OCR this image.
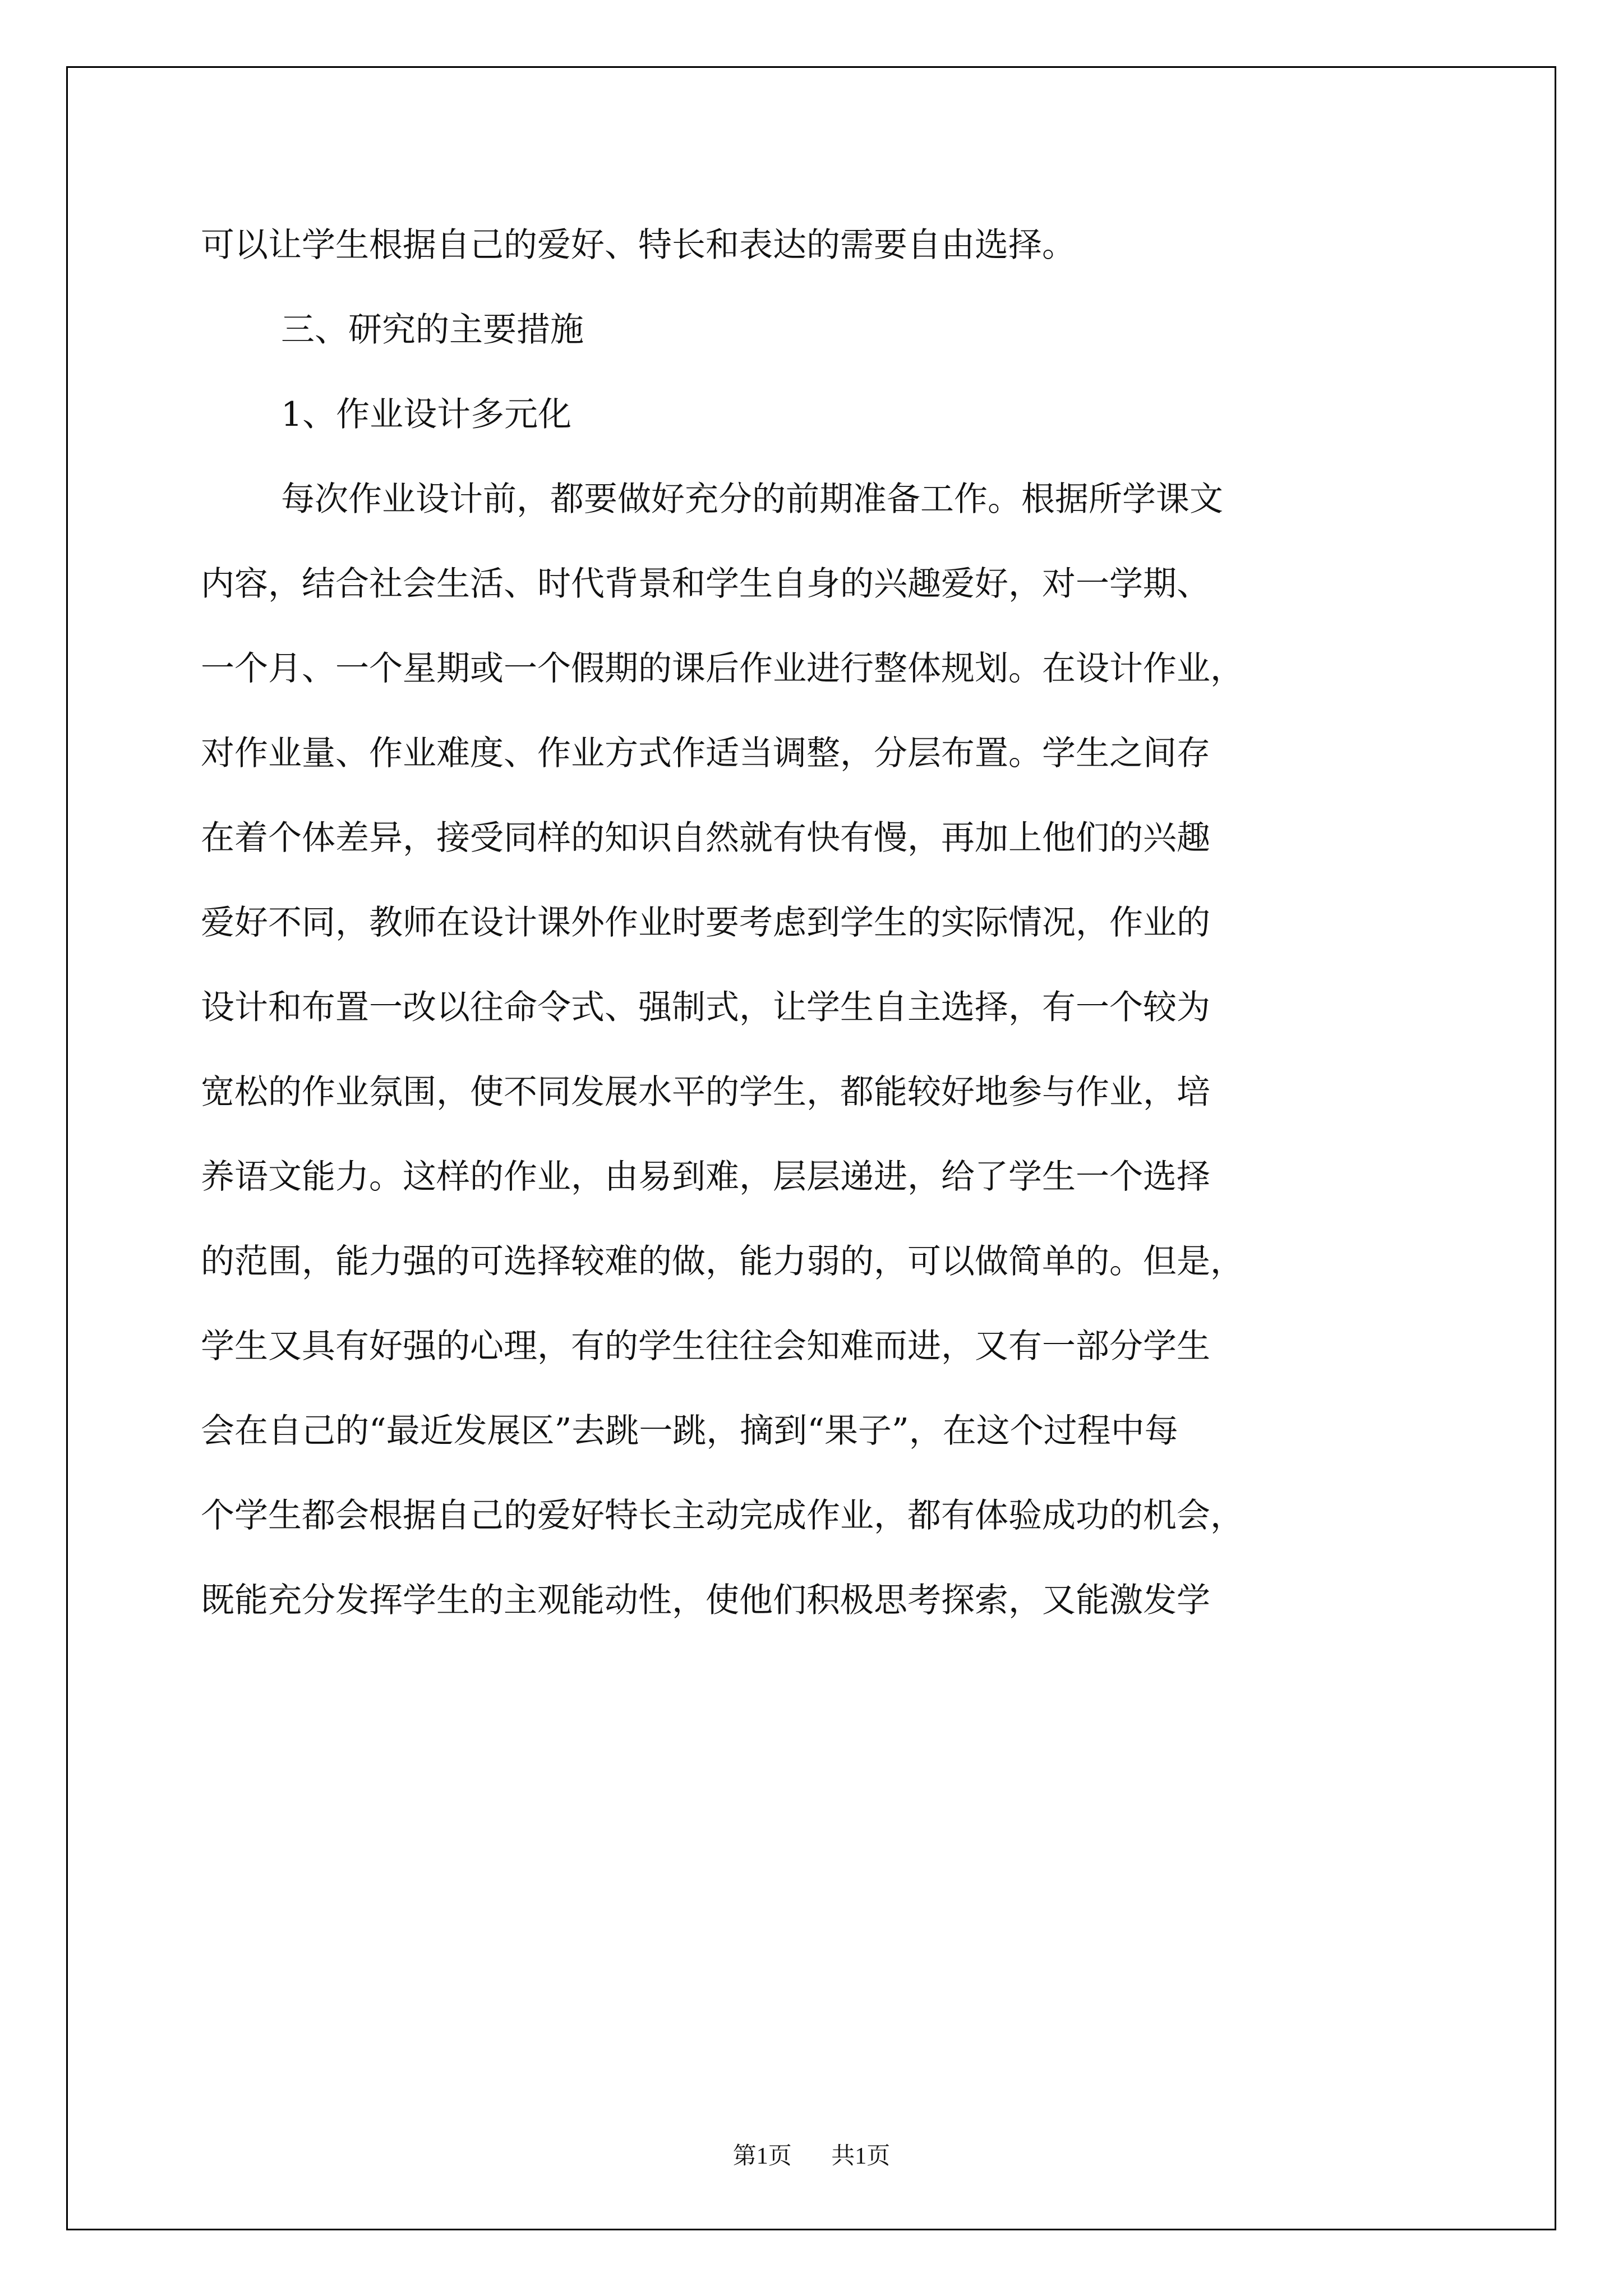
可以让学生根据自己的爱好、特长和表达的需要自由选择。

三、研究的主要措施

1、作业设计多元化

每次作业设计前，都要做好充分的前期准备工作。根据所学课文

内容，结合社会生活、时代背景和学生自身的兴趣爱好，对一学期、

一个月、一个星期或一个假期的课后作业进行整体规划。在设计作业，

对作业量、作业难度、作业方式作适当调整，分层布置。学生之间存

在着个体差异，接受同样的知识自然就有快有慢，再加上他们的兴趣

爱好不同，教师在设计课外作业时要考虑到学生的实际情况，作业的

设计和布置一改以往命令式、强制式，让学生自主选择，有一个较为

宽松的作业氛围，使不同发展水平的学生，都能较好地参与作业，培

养语文能力。这样的作业，由易到难，层层递进，给了学生一个选择

的范围，能力强的可选择较难的做，能力弱的，可以做简单的。但是，

学生又具有好强的心理，有的学生往往会知难而进，又有一部分学生

会在自己的“最近发展区”去跳一跳，摘到“果子”，在这个过程中每

个学生都会根据自己的爱好特长主动完成作业，都有体验成功的机会，

既能充分发挥学生的主观能动性，使他们积极思考探索，又能激发学

第1页 共1页
